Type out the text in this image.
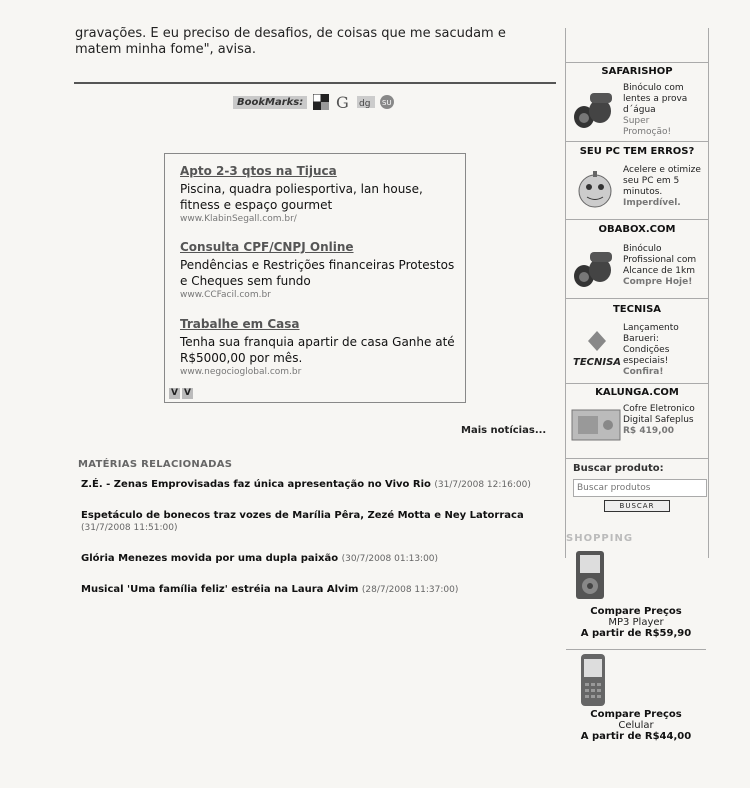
gravações. E eu preciso de desafios, de coisas que me sacudam e matem minha fome", avisa.
BookMarks: G dg SU
Apto 2-3 qtos na Tijuca
Piscina, quadra poliesportiva, lan house, fitness e espaço gourmet
www.KlabinSegall.com.br/
Consulta CPF/CNPJ Online
Pendências e Restrições financeiras Protestos e Cheques sem fundo
www.CCFacil.com.br
Trabalhe em Casa
Tenha sua franquia apartir de casa Ganhe até R$5000,00 por mês.
www.negocioglobal.com.br
V V
Mais notícias...
MATÉRIAS RELACIONADAS
Z.É. - Zenas Emprovisadas faz única apresentação no Vivo Rio (31/7/2008 12:16:00)
Espetáculo de bonecos traz vozes de Marília Pêra, Zezé Motta e Ney Latorraca
(31/7/2008 11:51:00)
Glória Menezes movida por uma dupla paixão (30/7/2008 01:13:00)
Musical 'Uma família feliz' estréia na Laura Alvim (28/7/2008 11:37:00)
SAFARISHOP
Binóculo com
lentes a prova
d´água
Super
Promoção!
SEU PC TEM ERROS?
Acelere e otimize
seu PC em 5
minutos.
Imperdível.
OBABOX.COM
Binóculo
Profissional com
Alcance de 1km
Compre Hoje!
TECNISA
TECNISA
Lançamento
Barueri:
Condições
especiais!
Confira!
KALUNGA.COM
Cofre Eletronico
Digital Safeplus
R$ 419,00
Buscar produto:
Buscar produtos
BUSCAR
SHOPPING
Compare Preços
MP3 Player
A partir de R$59,90
Compare Preços
Celular
A partir de R$44,00
